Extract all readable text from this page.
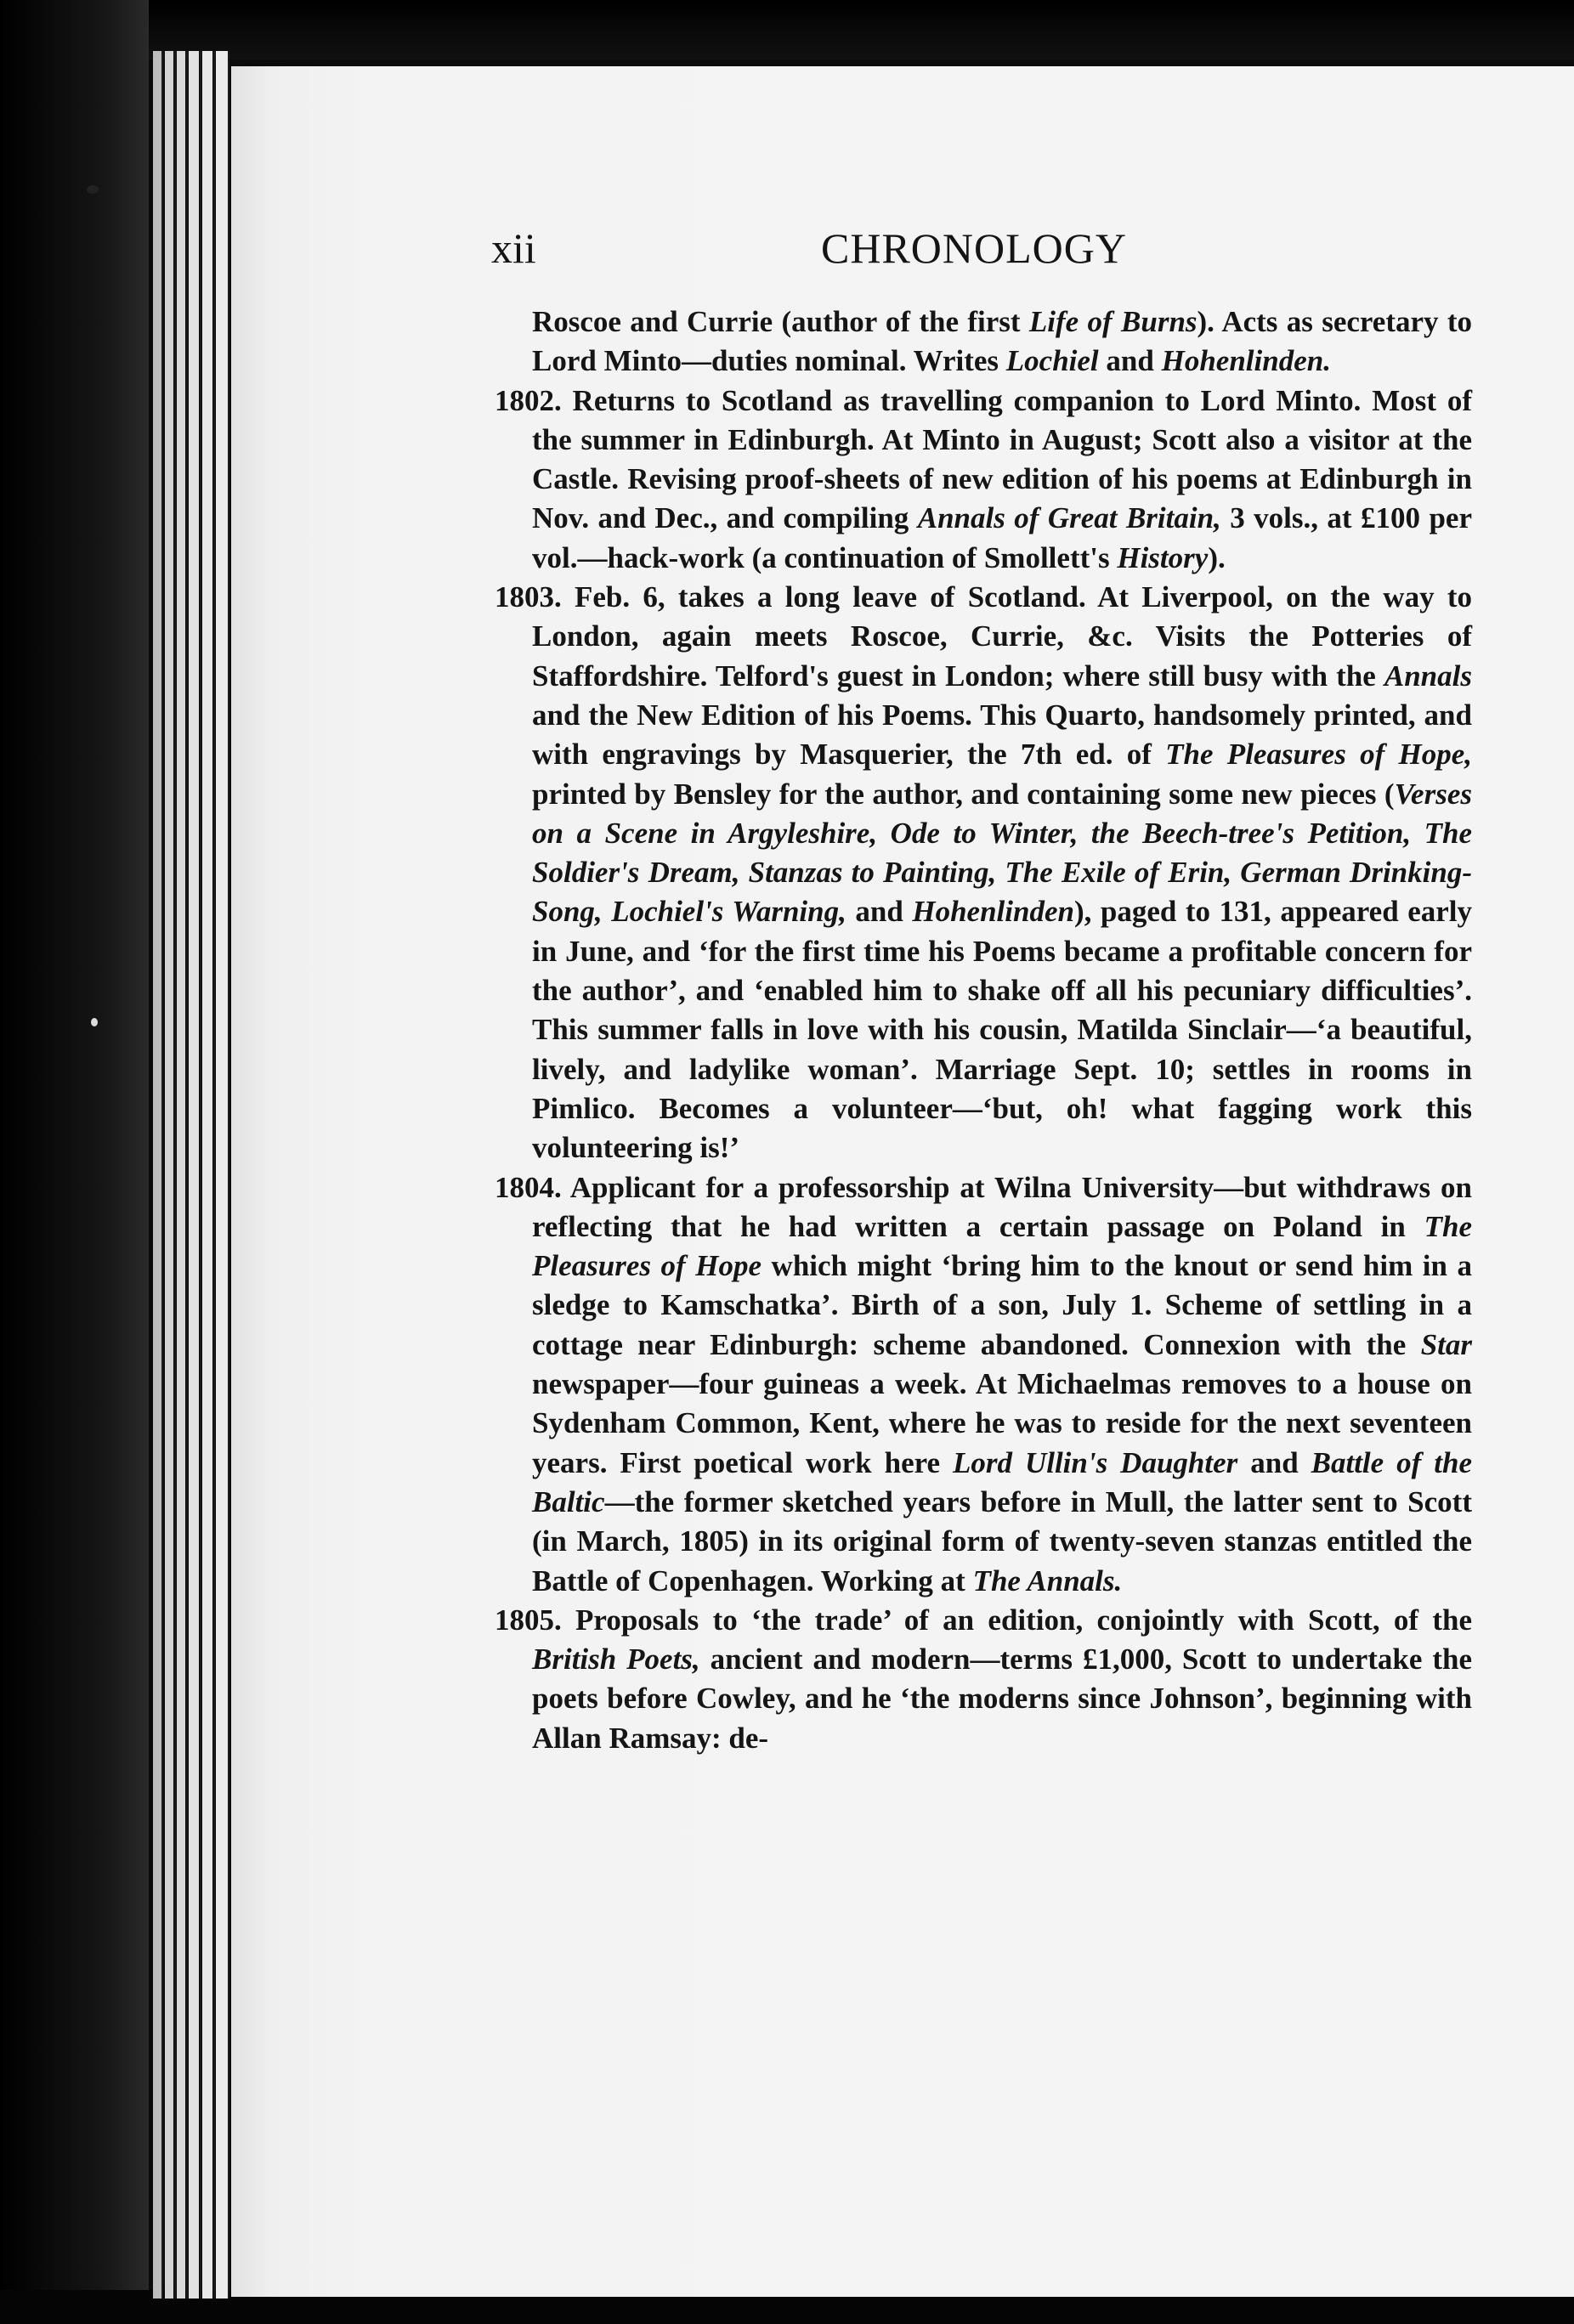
xii	CHRONOLOGY

Roscoe and Currie (author of the first Life of Burns). Acts as secretary to Lord Minto—duties nominal. Writes Lochiel and Hohenlinden.

1802. Returns to Scotland as travelling companion to Lord Minto. Most of the summer in Edinburgh. At Minto in August; Scott also a visitor at the Castle. Revising proof-sheets of new edition of his poems at Edinburgh in Nov. and Dec., and compiling Annals of Great Britain, 3 vols., at £100 per vol.—hack-work (a continuation of Smollett's History).

1803. Feb. 6, takes a long leave of Scotland. At Liverpool, on the way to London, again meets Roscoe, Currie, &c. Visits the Potteries of Staffordshire. Telford's guest in London; where still busy with the Annals and the New Edition of his Poems. This Quarto, handsomely printed, and with engravings by Masquerier, the 7th ed. of The Pleasures of Hope, printed by Bensley for the author, and containing some new pieces (Verses on a Scene in Argyleshire, Ode to Winter, the Beech-tree's Petition, The Soldier's Dream, Stanzas to Painting, The Exile of Erin, German Drinking-Song, Lochiel's Warning, and Hohenlinden), paged to 131, appeared early in June, and ‘for the first time his Poems became a profitable concern for the author’, and ‘enabled him to shake off all his pecuniary difficulties’. This summer falls in love with his cousin, Matilda Sinclair—‘a beautiful, lively, and ladylike woman’. Marriage Sept. 10; settles in rooms in Pimlico. Becomes a volunteer—‘but, oh! what fagging work this volunteering is!’

1804. Applicant for a professorship at Wilna University—but withdraws on reflecting that he had written a certain passage on Poland in The Pleasures of Hope which might ‘bring him to the knout or send him in a sledge to Kamschatka’. Birth of a son, July 1. Scheme of settling in a cottage near Edinburgh: scheme abandoned. Connexion with the Star newspaper—four guineas a week. At Michaelmas removes to a house on Sydenham Common, Kent, where he was to reside for the next seventeen years. First poetical work here Lord Ullin's Daughter and Battle of the Baltic—the former sketched years before in Mull, the latter sent to Scott (in March, 1805) in its original form of twenty-seven stanzas entitled the Battle of Copenhagen. Working at The Annals.

1805. Proposals to ‘the trade’ of an edition, conjointly with Scott, of the British Poets, ancient and modern—terms £1,000, Scott to undertake the poets before Cowley, and he ‘the moderns since Johnson’, beginning with Allan Ramsay: de-
